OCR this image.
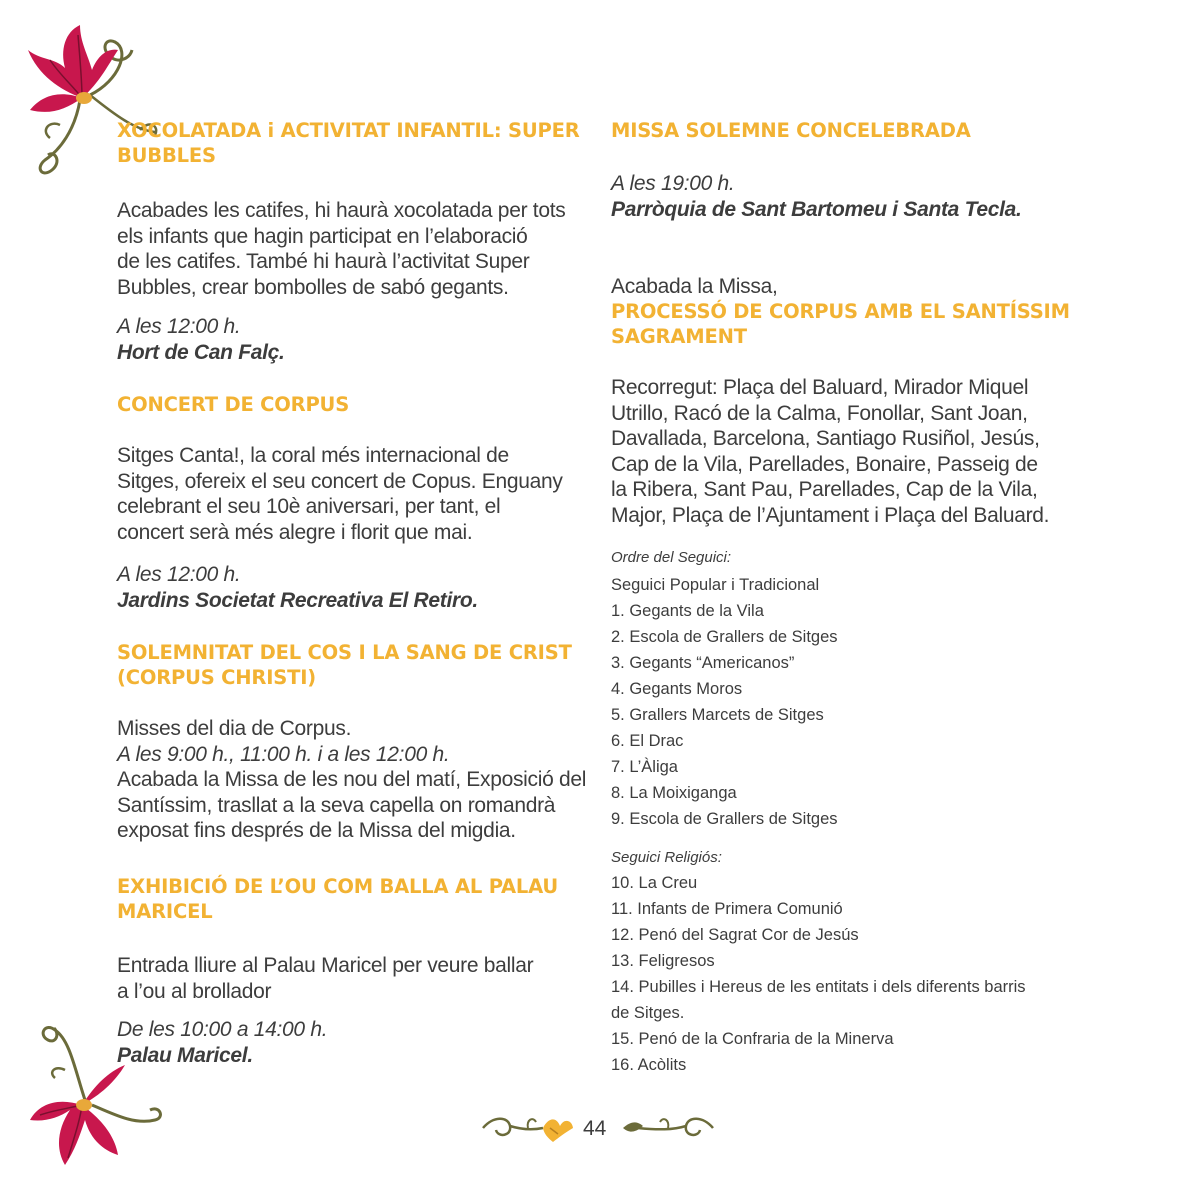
XOCOLATADA i ACTIVITAT INFANTIL: SUPER
BUBBLES
Acabades les catifes, hi haurà xocolatada per tots
els infants que hagin participat en l’elaboració
de les catifes. També hi haurà l’activitat Super
Bubbles, crear bombolles de sabó gegants.
A les 12:00 h.
Hort de Can Falç.
CONCERT DE CORPUS
Sitges Canta!, la coral més internacional de
Sitges, ofereix el seu concert de Copus. Enguany
celebrant el seu 10è aniversari, per tant, el
concert serà més alegre i florit que mai.
A les 12:00 h.
Jardins Societat Recreativa El Retiro.
SOLEMNITAT DEL COS I LA SANG DE CRIST
(CORPUS CHRISTI)
Misses del dia de Corpus.
A les 9:00 h., 11:00 h. i a les 12:00 h.
Acabada la Missa de les nou del matí, Exposició del
Santíssim, trasllat a la seva capella on romandrà
exposat fins després de la Missa del migdia.
EXHIBICIÓ DE L’OU COM BALLA AL PALAU
MARICEL
Entrada lliure al Palau Maricel per veure ballar
a l’ou al brollador
De les 10:00 a 14:00 h.
Palau Maricel.
MISSA SOLEMNE CONCELEBRADA
A les 19:00 h.
Parròquia de Sant Bartomeu i Santa Tecla.
Acabada la Missa,
PROCESSÓ DE CORPUS AMB EL SANTÍSSIM
SAGRAMENT
Recorregut: Plaça del Baluard, Mirador Miquel
Utrillo, Racó de la Calma, Fonollar, Sant Joan,
Davallada, Barcelona, Santiago Rusiñol, Jesús,
Cap de la Vila, Parellades, Bonaire, Passeig de
la Ribera, Sant Pau, Parellades, Cap de la Vila,
Major, Plaça de l’Ajuntament i Plaça del Baluard.
Ordre del Seguici:
Seguici Popular i Tradicional
1. Gegants de la Vila
2. Escola de Grallers de Sitges
3. Gegants “Americanos”
4. Gegants Moros
5. Grallers Marcets de Sitges
6. El Drac
7. L’Àliga
8. La Moixiganga
9. Escola de Grallers de Sitges
Seguici Religiós:
10. La Creu
11. Infants de Primera Comunió
12. Penó del Sagrat Cor de Jesús
13. Feligresos
14. Pubilles i Hereus de les entitats i dels diferents barris
de Sitges.
15. Penó de la Confraria de la Minerva
16. Acòlits
44
